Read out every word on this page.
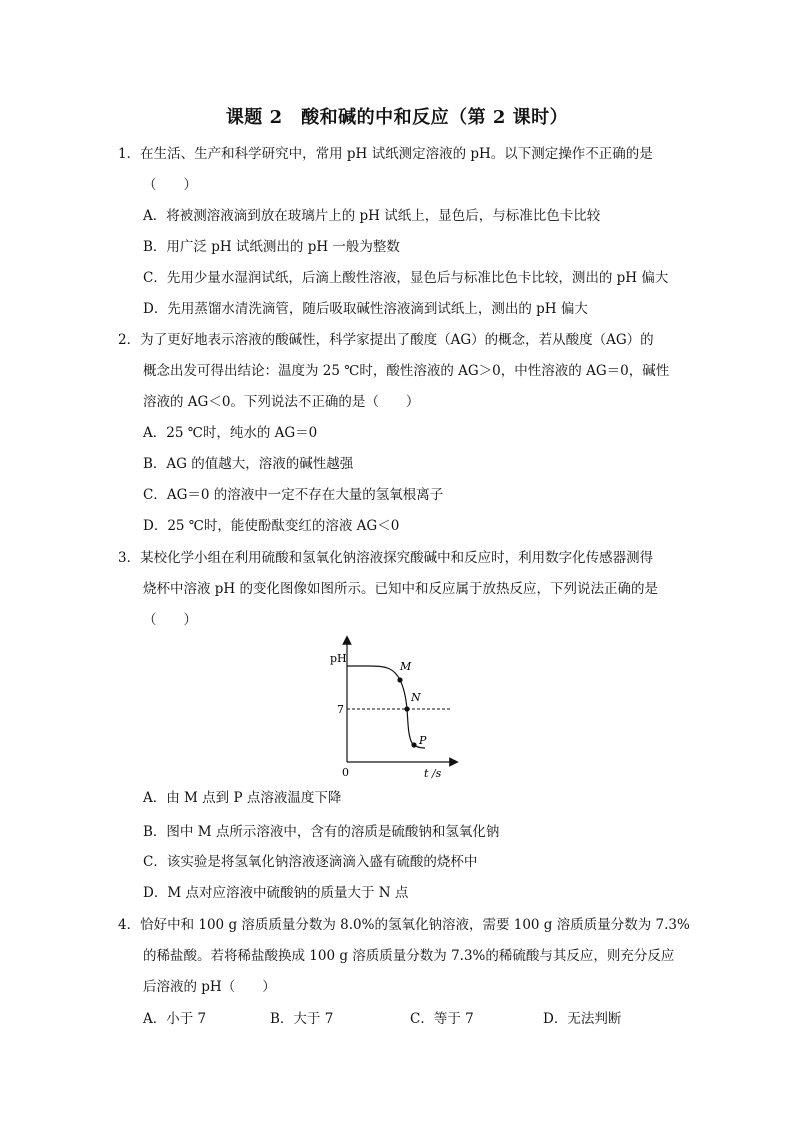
课题 2　酸和碱的中和反应（第 2 课时）
1．在生活、生产和科学研究中，常用 pH 试纸测定溶液的 pH。以下测定操作不正确的是
（　　）
A．将被测溶液滴到放在玻璃片上的 pH 试纸上，显色后，与标准比色卡比较
B．用广泛 pH 试纸测出的 pH 一般为整数
C．先用少量水湿润试纸，后滴上酸性溶液，显色后与标准比色卡比较，测出的 pH 偏大
D．先用蒸馏水清洗滴管，随后吸取碱性溶液滴到试纸上，测出的 pH 偏大
2．为了更好地表示溶液的酸碱性，科学家提出了酸度（AG）的概念，若从酸度（AG）的
概念出发可得出结论：温度为 25 ℃时，酸性溶液的 AG＞0，中性溶液的 AG＝0，碱性
溶液的 AG＜0。下列说法不正确的是（　　）
A．25 ℃时，纯水的 AG＝0
B．AG 的值越大，溶液的碱性越强
C．AG＝0 的溶液中一定不存在大量的氢氧根离子
D．25 ℃时，能使酚酞变红的溶液 AG＜0
3．某校化学小组在利用硫酸和氢氧化钠溶液探究酸碱中和反应时，利用数字化传感器测得
烧杯中溶液 pH 的变化图像如图所示。已知中和反应属于放热反应，下列说法正确的是
（　　）
pH
7
0	t /s
M
N
P
A．由 M 点到 P 点溶液温度下降
B．图中 M 点所示溶液中，含有的溶质是硫酸钠和氢氧化钠
C．该实验是将氢氧化钠溶液逐滴滴入盛有硫酸的烧杯中
D．M 点对应溶液中硫酸钠的质量大于 N 点
4．恰好中和 100 g 溶质质量分数为 8.0%的氢氧化钠溶液，需要 100 g 溶质质量分数为 7.3%
的稀盐酸。若将稀盐酸换成 100 g 溶质质量分数为 7.3%的稀硫酸与其反应，则充分反应
后溶液的 pH（　　）
A．小于 7	B．大于 7	C．等于 7	D．无法判断
